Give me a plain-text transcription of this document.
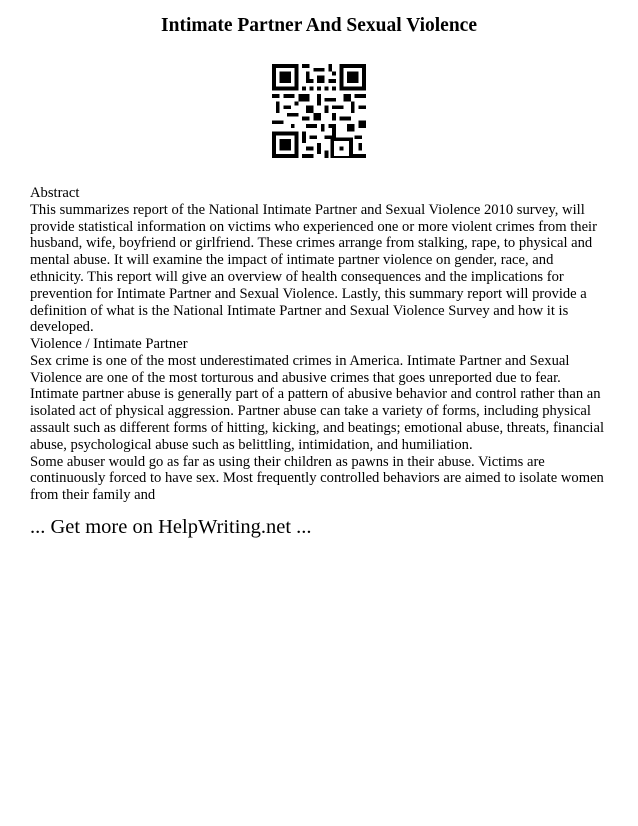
Intimate Partner And Sexual Violence
Abstract

This summarizes report of the National Intimate Partner and Sexual Violence 2010 survey, will provide statistical information on victims who experienced one or more violent crimes from their husband, wife, boyfriend or girlfriend. These crimes arrange from stalking, rape, to physical and mental abuse. It will examine the impact of intimate partner violence on gender, race, and ethnicity. This report will give an overview of health consequences and the implications for prevention for Intimate Partner and Sexual Violence. Lastly, this summary report will provide a definition of what is the National Intimate Partner and Sexual Violence Survey and how it is developed.

Violence / Intimate Partner

Sex crime is one of the most underestimated crimes in America. Intimate Partner and Sexual Violence are one of the most torturous and abusive crimes that goes unreported due to fear. Intimate partner abuse is generally part of a pattern of abusive behavior and control rather than an isolated act of physical aggression. Partner abuse can take a variety of forms, including physical assault such as different forms of hitting, kicking, and beatings; emotional abuse, threats, financial abuse, psychological abuse such as belittling, intimidation, and humiliation.

Some abuser would go as far as using their children as pawns in their abuse. Victims are continuously forced to have sex. Most frequently controlled behaviors are aimed to isolate women from their family and

... Get more on HelpWriting.net ...
